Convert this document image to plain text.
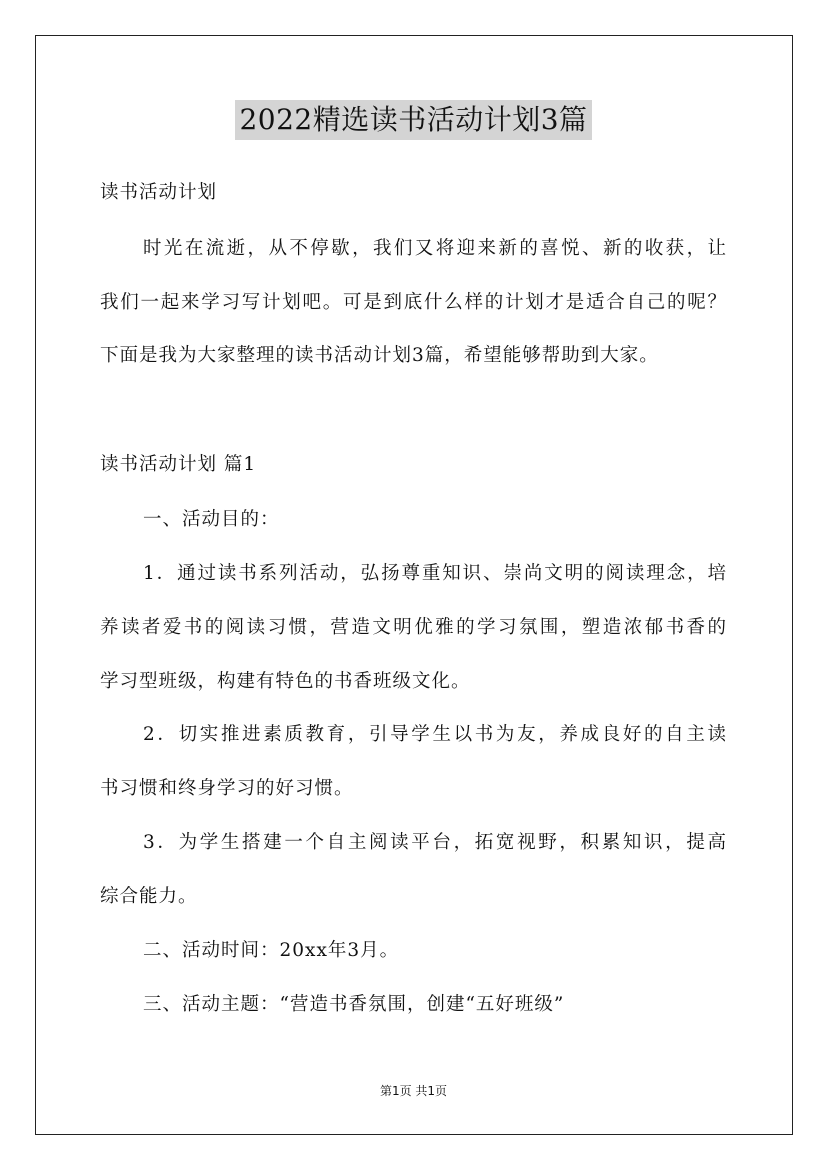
2022精选读书活动计划3篇
读书活动计划
时光在流逝，从不停歇，我们又将迎来新的喜悦、新的收获，让
我们一起来学习写计划吧。可是到底什么样的计划才是适合自己的呢？
下面是我为大家整理的读书活动计划3篇，希望能够帮助到大家。
读书活动计划 篇1
一、活动目的：
1．通过读书系列活动，弘扬尊重知识、崇尚文明的阅读理念，培
养读者爱书的阅读习惯，营造文明优雅的学习氛围，塑造浓郁书香的
学习型班级，构建有特色的书香班级文化。
2．切实推进素质教育，引导学生以书为友，养成良好的自主读
书习惯和终身学习的好习惯。
3．为学生搭建一个自主阅读平台，拓宽视野，积累知识，提高
综合能力。
二、活动时间：20xx年3月。
三、活动主题：“营造书香氛围，创建“五好班级”
第1页 共1页
